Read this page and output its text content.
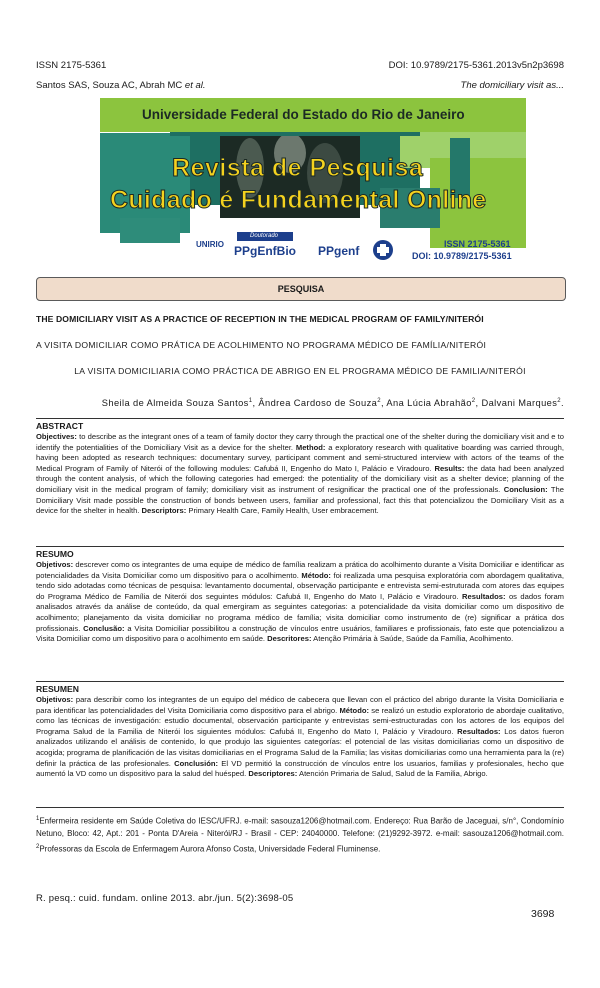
ISSN 2175-5361	DOI: 10.9789/2175-5361.2013v5n2p3698
Santos SAS, Souza AC, Abrah MC et al.	The domiciliary visit as...
Universidade Federal do Estado do Rio de Janeiro
Revista de Pesquisa
Cuidado é Fundamental Online
UNIRIO
Doutorado
PPgEnfBio PPgenf	ISSN 2175-5361
DOI: 10.9789/2175-5361
PESQUISA
THE DOMICILIARY VISIT AS A PRACTICE OF RECEPTION IN THE MEDICAL PROGRAM OF FAMILY/NITERÓI
A VISITA DOMICILIAR COMO PRÁTICA DE ACOLHIMENTO NO PROGRAMA MÉDICO DE FAMÍLIA/NITERÓI
LA VISITA DOMICILIARIA COMO PRÁCTICA DE ABRIGO EN EL PROGRAMA MÉDICO DE FAMILIA/NITERÓI
Sheila de Almeida Souza Santos$^1$, Ândrea Cardoso de Souza$^2$, Ana Lúcia Abrahão$^2$, Dalvani Marques$^2$.
ABSTRACT

Objectives: to describe as the integrant ones of a team of family doctor they carry through the practical one of the shelter during the domiciliary visit and e to identify the potentialities of the Domiciliary Visit as a device for the shelter. Method: a exploratory research with qualitative boarding was carried through, having been adopted as research techniques: documentary survey, participant comment and semi-structured interview with actors of the teams of the Medical Program of Family of Niterói of the following modules: Cafubá II, Engenho do Mato I, Palácio e Viradouro. Results: the data had been analyzed through the content analysis, of which the following categories had emerged: the potentiality of the domiciliary visit as a shelter device; planning of the domiciliary visit in the medical program of family; domiciliary visit as instrument of resignificar the practical one of the professionals. Conclusion: The Domiciliary Visit made possible the construction of bonds between users, familiar and professional, fact this that potencializou the Domiciliary Visit as a device for the shelter in health. Descriptors: Primary Health Care, Family Health, User embracement.

RESUMO

Objetivos: descrever como os integrantes de uma equipe de médico de família realizam a prática do acolhimento durante a Visita Domiciliar e identificar as potencialidades da Visita Domiciliar como um dispositivo para o acolhimento. Método: foi realizada uma pesquisa exploratória com abordagem qualitativa, tendo sido adotadas como técnicas de pesquisa: levantamento documental, observação participante e entrevista semi-estruturada com atores das equipes do Programa Médico de Família de Niterói dos seguintes módulos: Cafubá II, Engenho do Mato I, Palácio e Viradouro. Resultados: os dados foram analisados através da análise de conteúdo, da qual emergiram as seguintes categorias: a potencialidade da visita domiciliar como um dispositivo de acolhimento; planejamento da visita domiciliar no programa médico de família; visita domiciliar como instrumento de (re) significar a prática dos profissionais. Conclusão: a Visita Domiciliar possibilitou a construção de vínculos entre usuários, familiares e profissionais, fato este que potencializou a Visita Domiciliar como um dispositivo para o acolhimento em saúde. Descritores: Atenção Primária à Saúde, Saúde da Família, Acolhimento.

RESUMEN

Objetivos: para describir como los integrantes de un equipo del médico de cabecera que llevan con el práctico del abrigo durante la Visita Domiciliaria e para identificar las potencialidades del Visita Domiciliaria como dispositivo para el abrigo. Método: se realizó un estudio exploratorio de abordaje cualitativo, como las técnicas de investigación: estudio documental, observación participante y entrevistas semi-estructuradas con los actores de los equipos del Programa Salud de la Familia de Niterói los siguientes módulos: Cafubá II, Engenho do Mato I, Palácio y Viradouro. Resultados: Los datos fueron analizados utilizando el análisis de contenido, lo que produjo las siguientes categorías: el potencial de las visitas domiciliarias como un dispositivo de acogida; programa de planificación de las visitas domiciliarias en el Programa Salud de la Familia; las visitas domiciliarias como una herramienta para la (re) definir la práctica de las profesionales. Conclusión: El VD permitió la construcción de vínculos entre los usuarios, familias y profesionales, hecho que aumentó la VD como un dispositivo para la salud del huésped. Descriptores: Atención Primaria de Salud, Salud de la Familia, Abrigo.

$^1$Enfermeira residente em Saúde Coletiva do IESC/UFRJ. e-mail: sasouza1206@hotmail.com. Endereço: Rua Barão de Jaceguai, s/n°, Condomínio Netuno, Bloco: 42, Apt.: 201 - Ponta D'Areia - Niterói/RJ - Brasil - CEP: 24040000. Telefone: (21)9292-3972. e-mail: sasouza1206@hotmail.com. $^2$Professoras da Escola de Enfermagem Aurora Afonso Costa, Universidade Federal Fluminense.
R. pesq.: cuid. fundam. online 2013. abr./jun. 5(2):3698-05
3698
